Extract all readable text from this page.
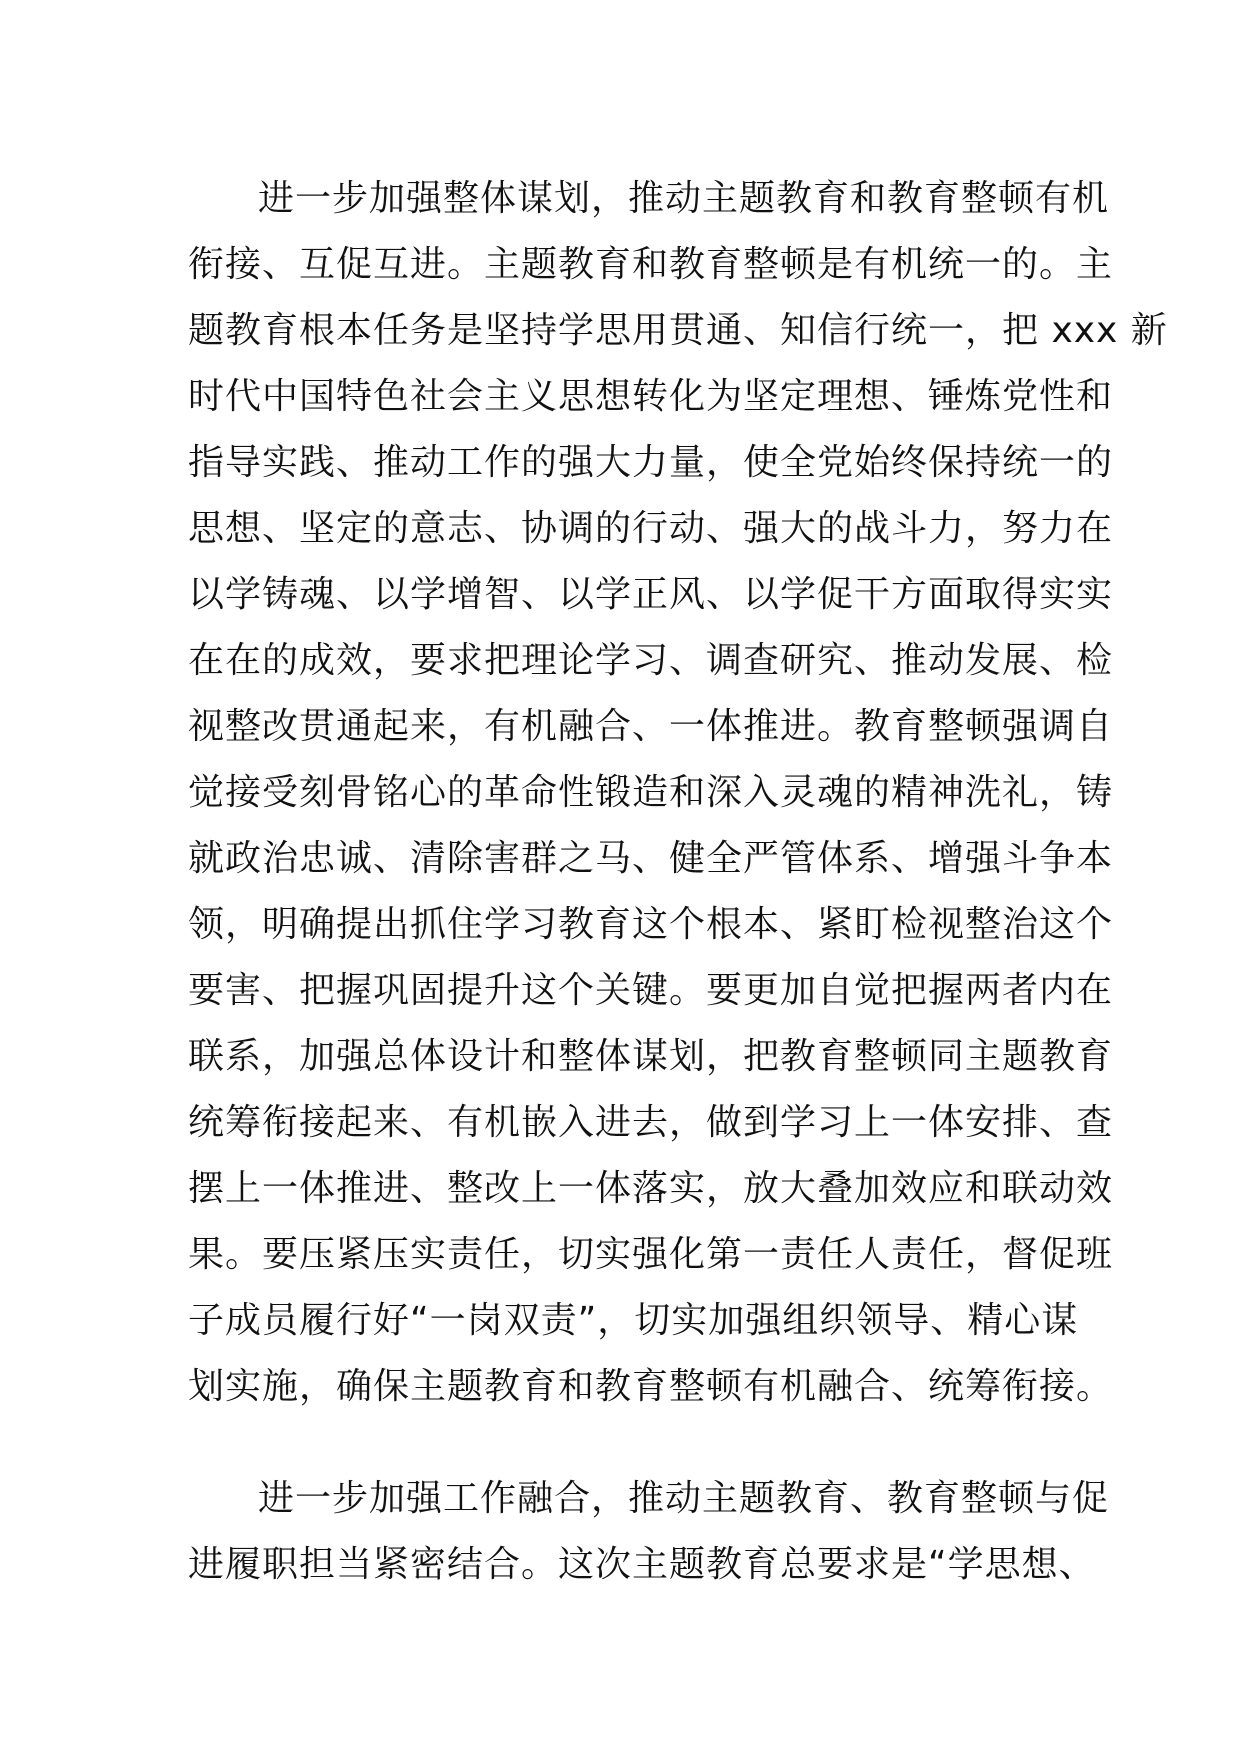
进一步加强整体谋划，推动主题教育和教育整顿有机
衔接、互促互进。主题教育和教育整顿是有机统一的。主
题教育根本任务是坚持学思用贯通、知信行统一，把 xxx 新
时代中国特色社会主义思想转化为坚定理想、锤炼党性和
指导实践、推动工作的强大力量，使全党始终保持统一的
思想、坚定的意志、协调的行动、强大的战斗力，努力在
以学铸魂、以学增智、以学正风、以学促干方面取得实实
在在的成效，要求把理论学习、调查研究、推动发展、检
视整改贯通起来，有机融合、一体推进。教育整顿强调自
觉接受刻骨铭心的革命性锻造和深入灵魂的精神洗礼，铸
就政治忠诚、清除害群之马、健全严管体系、增强斗争本
领，明确提出抓住学习教育这个根本、紧盯检视整治这个
要害、把握巩固提升这个关键。要更加自觉把握两者内在
联系，加强总体设计和整体谋划，把教育整顿同主题教育
统筹衔接起来、有机嵌入进去，做到学习上一体安排、查
摆上一体推进、整改上一体落实，放大叠加效应和联动效
果。要压紧压实责任，切实强化第一责任人责任，督促班
子成员履行好“一岗双责”，切实加强组织领导、精心谋
划实施，确保主题教育和教育整顿有机融合、统筹衔接。
进一步加强工作融合，推动主题教育、教育整顿与促
进履职担当紧密结合。这次主题教育总要求是“学思想、
